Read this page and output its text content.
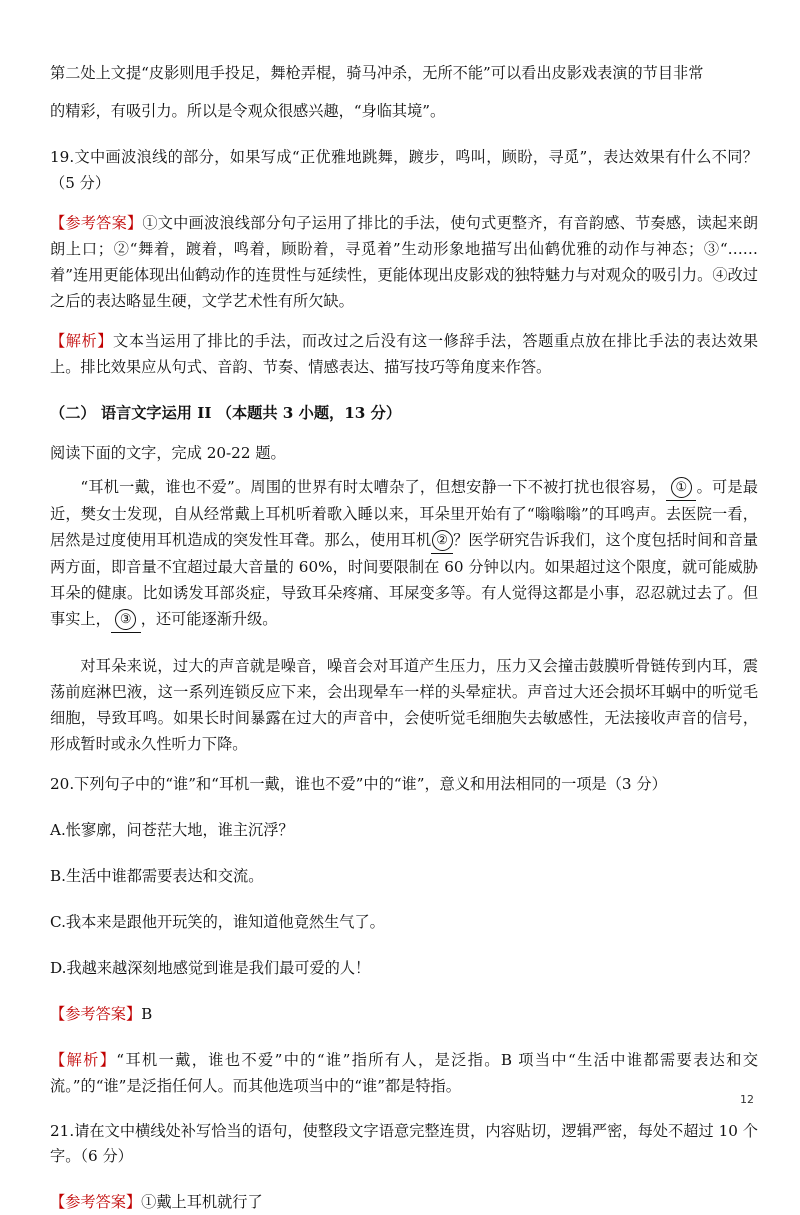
第二处上文提“皮影则甩手投足，舞枪弄棍，骑马冲杀，无所不能”可以看出皮影戏表演的节目非常
的精彩，有吸引力。所以是令观众很感兴趣，“身临其境”。

19.文中画波浪线的部分，如果写成“正优雅地跳舞，踱步，鸣叫，顾盼，寻觅”，表达效果有什么不同？（5 分）

【参考答案】①文中画波浪线部分句子运用了排比的手法，使句式更整齐，有音韵感、节奏感，读起来朗朗上口；②“舞着，踱着，鸣着，顾盼着，寻觅着”生动形象地描写出仙鹤优雅的动作与神态；③“……着”连用更能体现出仙鹤动作的连贯性与延续性，更能体现出皮影戏的独特魅力与对观众的吸引力。④改过之后的表达略显生硬，文学艺术性有所欠缺。

【解析】文本当运用了排比的手法，而改过之后没有这一修辞手法，答题重点放在排比手法的表达效果上。排比效果应从句式、音韵、节奏、情感表达、描写技巧等角度来作答。

（二） 语言文字运用 II （本题共 3 小题，13 分）

阅读下面的文字，完成 20-22 题。

“耳机一戴，谁也不爱”。周围的世界有时太嘈杂了，但想安静一下不被打扰也很容易， ① 。可是最近，樊女士发现，自从经常戴上耳机听着歌入睡以来，耳朵里开始有了“嗡嗡嗡”的耳鸣声。去医院一看，居然是过度使用耳机造成的突发性耳聋。那么，使用耳机 ② ？医学研究告诉我们，这个度包括时间和音量两方面，即音量不宜超过最大音量的 60%，时间要限制在 60 分钟以内。如果超过这个限度，就可能威胁耳朵的健康。比如诱发耳部炎症，导致耳朵疼痛、耳屎变多等。有人觉得这都是小事，忍忍就过去了。但事实上， ③ ，还可能逐渐升级。

对耳朵来说，过大的声音就是噪音，噪音会对耳道产生压力，压力又会撞击鼓膜听骨链传到内耳，震荡前庭淋巴液，这一系列连锁反应下来，会出现晕车一样的头晕症状。声音过大还会损坏耳蜗中的听觉毛细胞，导致耳鸣。如果长时间暴露在过大的声音中，会使听觉毛细胞失去敏感性，无法接收声音的信号，形成暂时或永久性听力下降。

20.下列句子中的“谁”和“耳机一戴，谁也不爱”中的“谁”，意义和用法相同的一项是（3 分）

A.怅寥廓，问苍茫大地，谁主沉浮？

B.生活中谁都需要表达和交流。

C.我本来是跟他开玩笑的，谁知道他竟然生气了。

D.我越来越深刻地感觉到谁是我们最可爱的人！

【参考答案】B

【解析】“耳机一戴，谁也不爱”中的“谁”指所有人，是泛指。B 项当中“生活中谁都需要表达和交流。”的“谁”是泛指任何人。而其他选项当中的“谁”都是特指。

21.请在文中横线处补写恰当的语句，使整段文字语意完整连贯，内容贴切，逻辑严密，每处不超过 10 个字。（6 分）

【参考答案】①戴上耳机就行了

12
